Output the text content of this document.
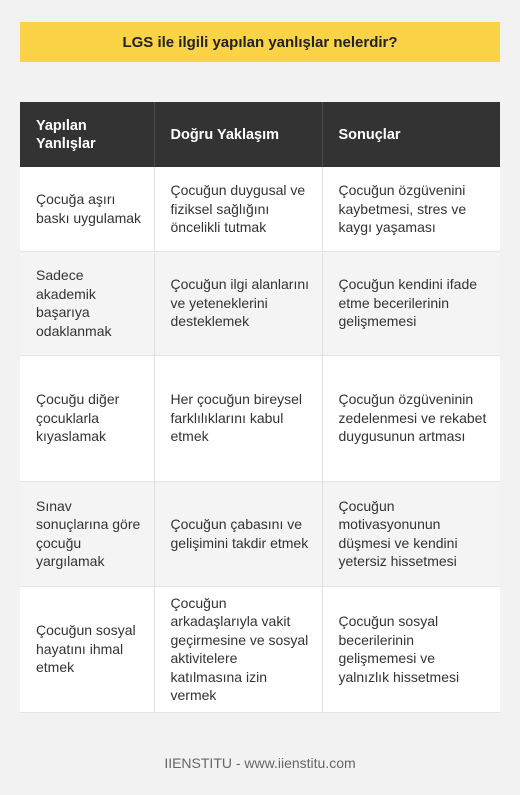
LGS ile ilgili yapılan yanlışlar nelerdir?
Yapılan Yanlışlar	Doğru Yaklaşım	Sonuçlar
Çocuğa aşırı baskı uygulamak	Çocuğun duygusal ve fiziksel sağlığını öncelikli tutmak	Çocuğun özgüvenini kaybetmesi, stres ve kaygı yaşaması
Sadece akademik başarıya odaklanmak	Çocuğun ilgi alanlarını ve yeteneklerini desteklemek	Çocuğun kendini ifade etme becerilerinin gelişmemesi
Çocuğu diğer çocuklarla kıyaslamak	Her çocuğun bireysel farklılıklarını kabul etmek	Çocuğun özgüveninin zedelenmesi ve rekabet duygusunun artması
Sınav sonuçlarına göre çocuğu yargılamak	Çocuğun çabasını ve gelişimini takdir etmek	Çocuğun motivasyonunun düşmesi ve kendini yetersiz hissetmesi
Çocuğun sosyal hayatını ihmal etmek	Çocuğun arkadaşlarıyla vakit geçirmesine ve sosyal aktivitelere katılmasına izin vermek	Çocuğun sosyal becerilerinin gelişmemesi ve yalnızlık hissetmesi
IIENSTITU - www.iienstitu.com
